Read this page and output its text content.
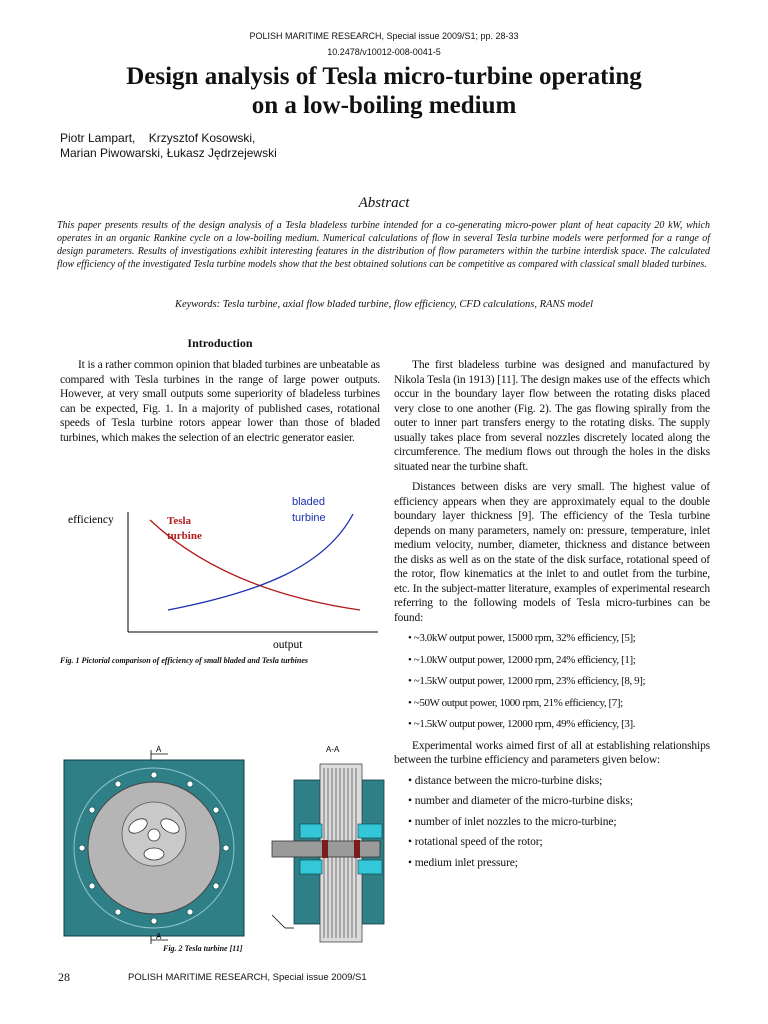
POLISH MARITIME RESEARCH, Special issue 2009/S1; pp. 28-33
10.2478/v10012-008-0041-5
Design analysis of Tesla micro-turbine operating
on a low-boiling medium
Piotr Lampart,    Krzysztof Kosowski,
Marian Piwowarski, Łukasz Jędrzejewski
Abstract
This paper presents results of the design analysis of a Tesla bladeless turbine intended for a co-generating micro-power plant of heat capacity 20 kW, which operates in an organic Rankine cycle on a low-boiling medium. Numerical calculations of flow in several Tesla turbine models were performed for a range of design parameters. Results of investigations exhibit interesting features in the distribution of flow parameters within the turbine interdisk space. The calculated flow efficiency of the investigated Tesla turbine models show that the best obtained solutions can be competitive as compared with classical small bladed turbines.
Keywords: Tesla turbine, axial flow bladed turbine, flow efficiency, CFD calculations, RANS model
Introduction

It is a rather common opinion that bladed turbines are unbeatable as compared with Tesla turbines in the range of large power outputs. However, at very small outputs some superiority of bladeless turbines can be expected, Fig. 1. In a majority of published cases, rotational speeds of Tesla turbine rotors appear lower than those of bladed turbines, which makes the selection of an electric generator easier.

efficiency
output
Tesla
turbine
bladed
turbine
Fig. 1 Pictorial comparison of efficiency of small bladed and Tesla turbines
A
A
A-A
Fig. 2 Tesla turbine [11]

The first bladeless turbine was designed and manufactured by Nikola Tesla (in 1913) [11]. The design makes use of the effects which occur in the boundary layer flow between the rotating disks placed very close to one another (Fig. 2). The gas flowing spirally from the outer to inner part transfers energy to the rotating disks. The supply usually takes place from several nozzles discretely located along the circumference. The medium flows out through the holes in the disks situated near the turbine shaft.

Distances between disks are very small. The highest value of efficiency appears when they are approximately equal to the double boundary layer thickness [9]. The efficiency of the Tesla turbine depends on many parameters, namely on: pressure, temperature, inlet medium velocity, number, diameter, thickness and distance between the disks as well as on the state of the disk surface, rotational speed of the rotor, flow kinematics at the inlet to and outlet from the turbine, etc. In the subject-matter literature, examples of experimental research referring to the following models of Tesla micro-turbines can be found:

• ~3.0kW output power, 15000 rpm, 32% efficiency, [5];
• ~1.0kW output power, 12000 rpm, 24% efficiency, [1];
• ~1.5kW output power, 12000 rpm, 23% efficiency, [8, 9];
• ~50W output power, 1000 rpm, 21% efficiency, [7];
• ~1.5kW output power, 12000 rpm, 49% efficiency, [3].

Experimental works aimed first of all at establishing relationships between the turbine efficiency and parameters given below:

• distance between the micro-turbine disks;
• number and diameter of the micro-turbine disks;
• number of inlet nozzles to the micro-turbine;
• rotational speed of the rotor;
• medium inlet pressure;
28	POLISH MARITIME RESEARCH, Special issue 2009/S1
